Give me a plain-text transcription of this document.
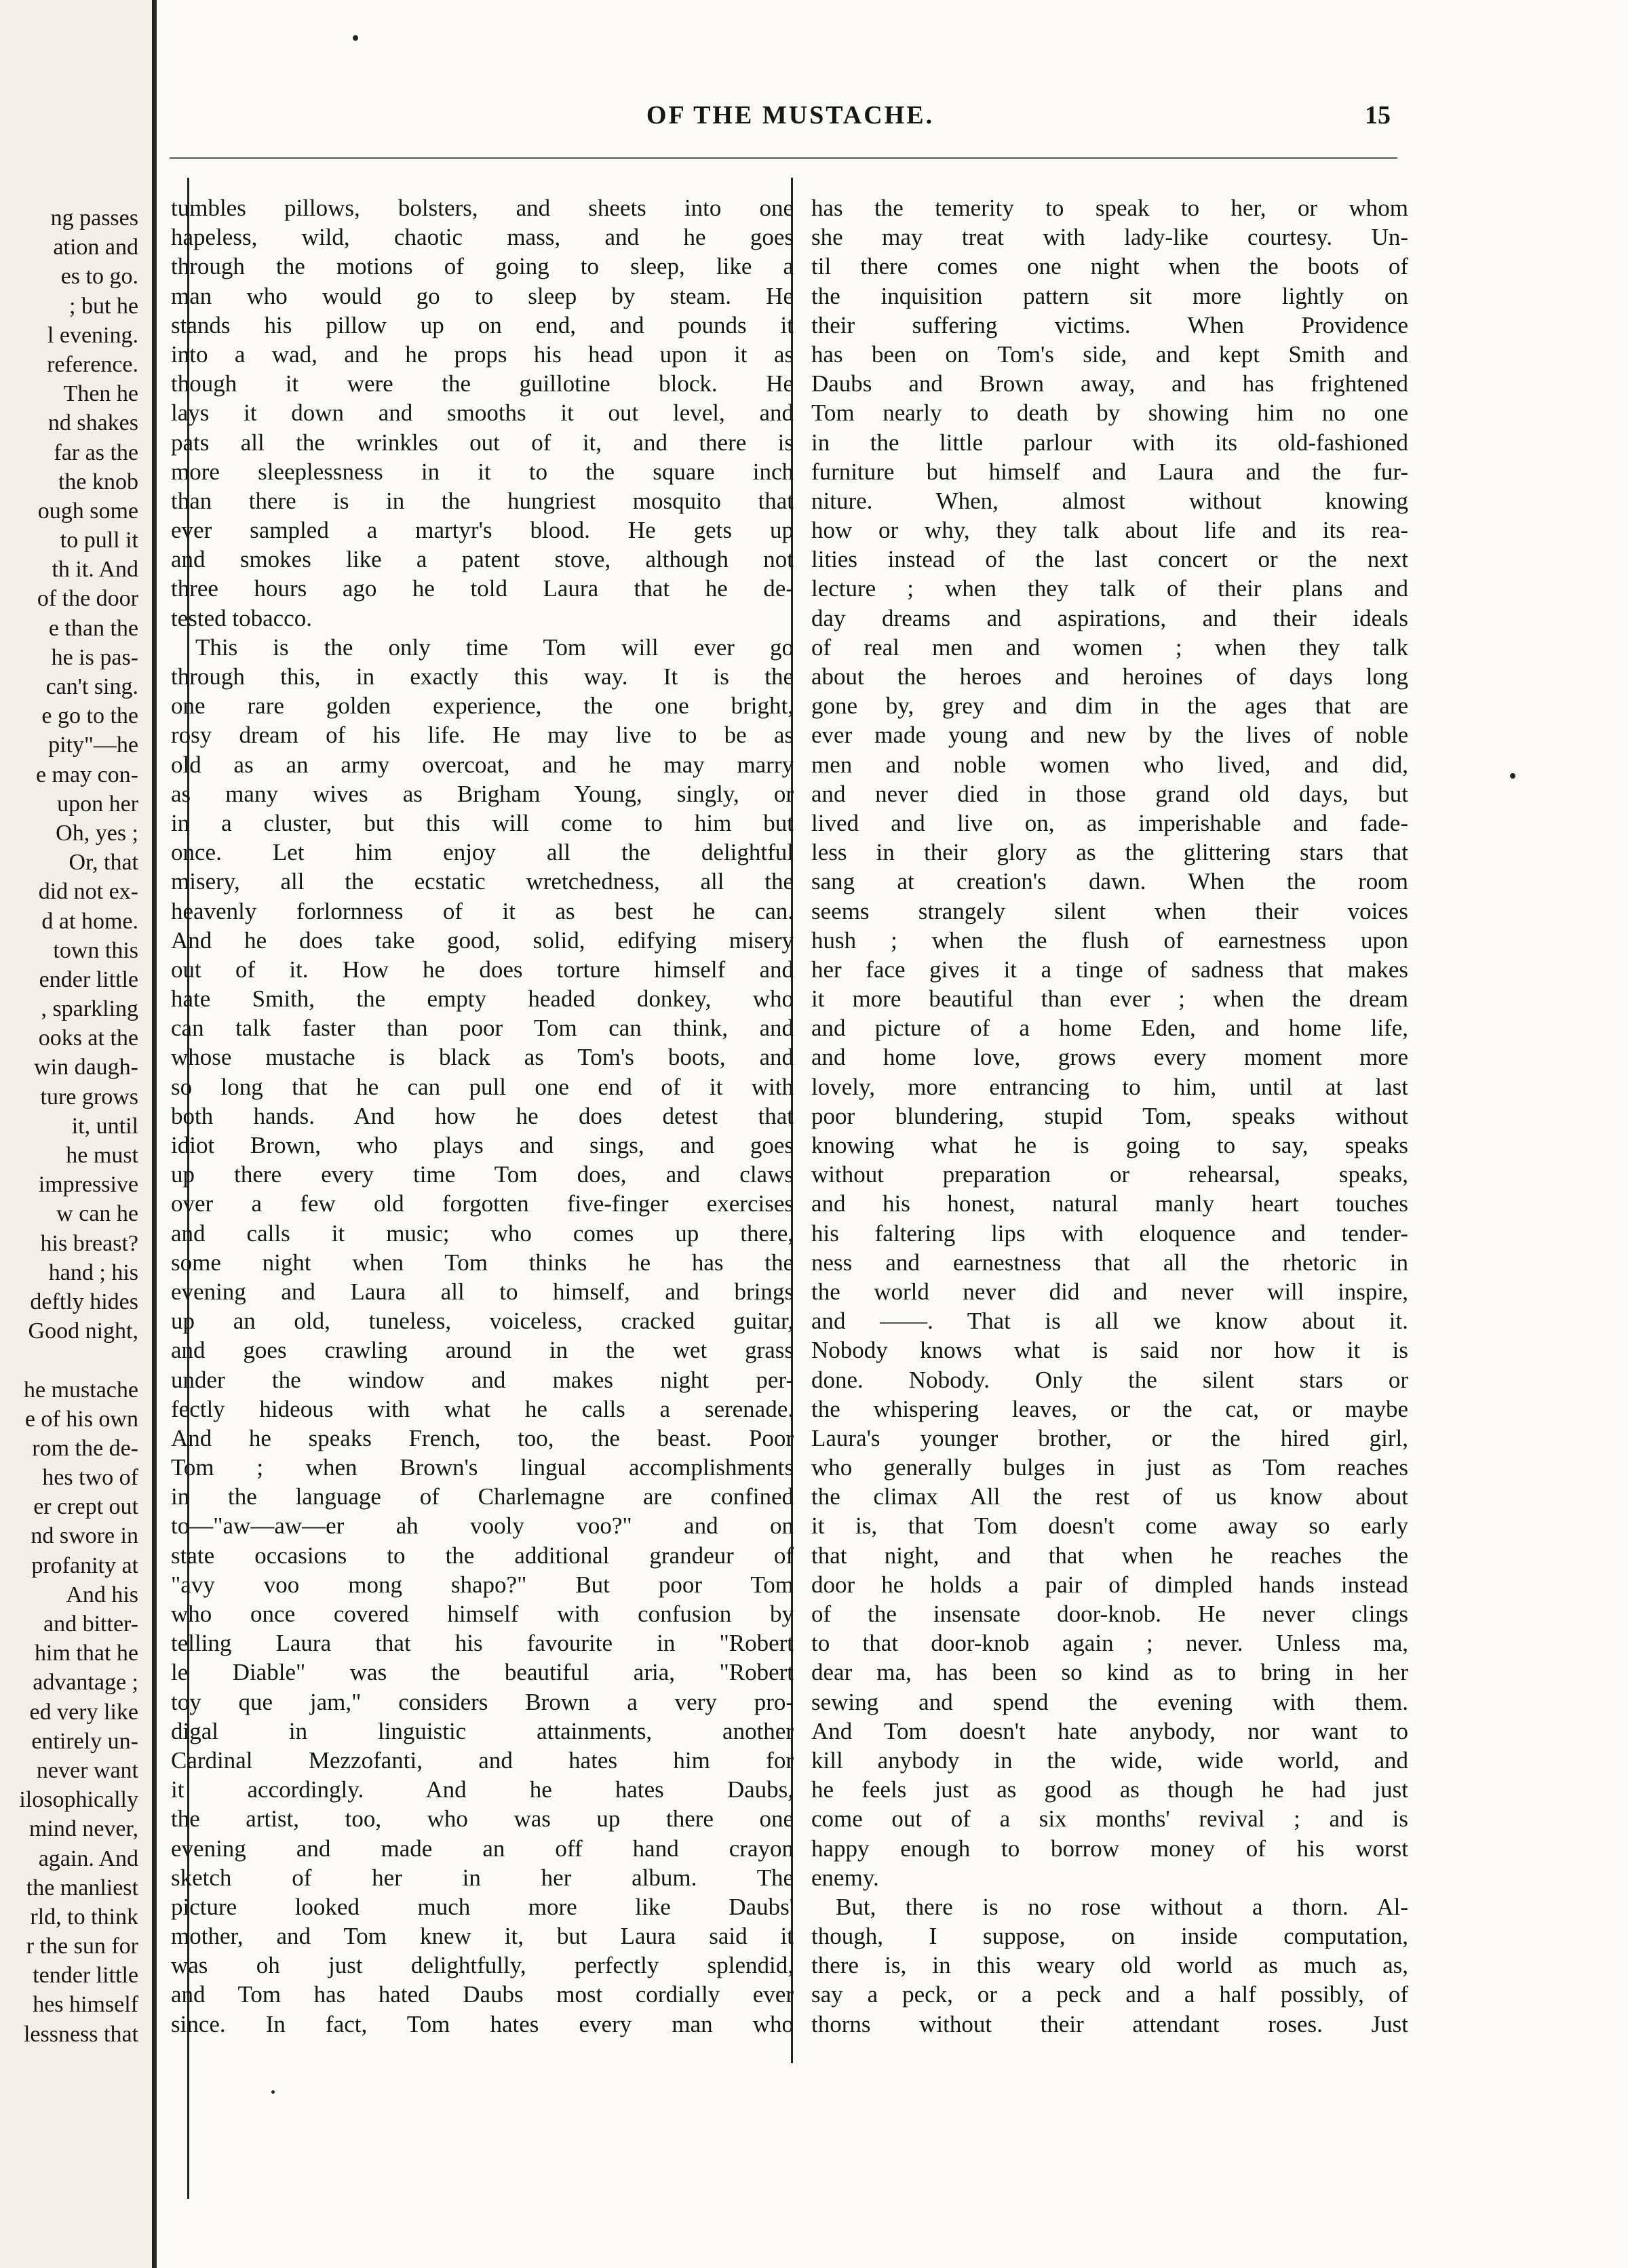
ng passes
ation and
es to go.
; but he
l evening.
reference.
Then he
nd shakes
far as the
the knob
ough some
to pull it
th it. And
of the door
e than the
he is pas-
can't sing.
e go to the
pity"—he
e may con-
upon her
Oh, yes ;
Or, that
did not ex-
d at home.
town this
ender little
, sparkling
ooks at the
win daugh-
ture grows
it, until
he must
impressive
w can he
his breast?
hand ; his
deftly hides
Good night,
he mustache
e of his own
rom the de-
hes two of
er crept out
nd swore in
profanity at
And his
and bitter-
him that he
advantage ;
ed very like
entirely un-
never want
ilosophically
mind never,
again. And
the manliest
rld, to think
r the sun for
tender little
hes himself
lessness that
OF THE MUSTACHE.	15
tumbles pillows, bolsters, and sheets into one
hapeless, wild, chaotic mass, and he goes
through the motions of going to sleep, like a
man who would go to sleep by steam. He
stands his pillow up on end, and pounds it
into a wad, and he props his head upon it as
though it were the guillotine block. He
lays it down and smooths it out level, and
pats all the wrinkles out of it, and there is
more sleeplessness in it to the square inch
than there is in the hungriest mosquito that
ever sampled a martyr's blood. He gets up
and smokes like a patent stove, although not
three hours ago he told Laura that he de-
tested tobacco.
This is the only time Tom will ever go
through this, in exactly this way. It is the
one rare golden experience, the one bright,
rosy dream of his life. He may live to be as
old as an army overcoat, and he may marry
as many wives as Brigham Young, singly, or
in a cluster, but this will come to him but
once. Let him enjoy all the delightful
misery, all the ecstatic wretchedness, all the
heavenly forlornness of it as best he can.
And he does take good, solid, edifying misery
out of it. How he does torture himself and
hate Smith, the empty headed donkey, who
can talk faster than poor Tom can think, and
whose mustache is black as Tom's boots, and
so long that he can pull one end of it with
both hands. And how he does detest that
idiot Brown, who plays and sings, and goes
up there every time Tom does, and claws
over a few old forgotten five-finger exercises
and calls it music; who comes up there,
some night when Tom thinks he has the
evening and Laura all to himself, and brings
up an old, tuneless, voiceless, cracked guitar,
and goes crawling around in the wet grass
under the window and makes night per-
fectly hideous with what he calls a serenade.
And he speaks French, too, the beast. Poor
Tom ; when Brown's lingual accomplishments
in the language of Charlemagne are confined
to—"aw—aw—er ah vooly voo?" and on
state occasions to the additional grandeur of
"avy voo mong shapo?" But poor Tom
who once covered himself with confusion by
telling Laura that his favourite in "Robert
le Diable" was the beautiful aria, "Robert
toy que jam," considers Brown a very pro-
digal in linguistic attainments, another
Cardinal Mezzofanti, and hates him for
it accordingly. And he hates Daubs,
the artist, too, who was up there one
evening and made an off hand crayon
sketch of her in her album. The
picture looked much more like Daubs'
mother, and Tom knew it, but Laura said it
was oh just delightfully, perfectly splendid,
and Tom has hated Daubs most cordially ever
since. In fact, Tom hates every man who
has the temerity to speak to her, or whom
she may treat with lady-like courtesy. Un-
til there comes one night when the boots of
the inquisition pattern sit more lightly on
their suffering victims. When Providence
has been on Tom's side, and kept Smith and
Daubs and Brown away, and has frightened
Tom nearly to death by showing him no one
in the little parlour with its old-fashioned
furniture but himself and Laura and the fur-
niture. When, almost without knowing
how or why, they talk about life and its rea-
lities instead of the last concert or the next
lecture ; when they talk of their plans and
day dreams and aspirations, and their ideals
of real men and women ; when they talk
about the heroes and heroines of days long
gone by, grey and dim in the ages that are
ever made young and new by the lives of noble
men and noble women who lived, and did,
and never died in those grand old days, but
lived and live on, as imperishable and fade-
less in their glory as the glittering stars that
sang at creation's dawn. When the room
seems strangely silent when their voices
hush ; when the flush of earnestness upon
her face gives it a tinge of sadness that makes
it more beautiful than ever ; when the dream
and picture of a home Eden, and home life,
and home love, grows every moment more
lovely, more entrancing to him, until at last
poor blundering, stupid Tom, speaks without
knowing what he is going to say, speaks
without preparation or rehearsal, speaks,
and his honest, natural manly heart touches
his faltering lips with eloquence and tender-
ness and earnestness that all the rhetoric in
the world never did and never will inspire,
and ——. That is all we know about it.
Nobody knows what is said nor how it is
done. Nobody. Only the silent stars or
the whispering leaves, or the cat, or maybe
Laura's younger brother, or the hired girl,
who generally bulges in just as Tom reaches
the climax All the rest of us know about
it is, that Tom doesn't come away so early
that night, and that when he reaches the
door he holds a pair of dimpled hands instead
of the insensate door-knob. He never clings
to that door-knob again ; never. Unless ma,
dear ma, has been so kind as to bring in her
sewing and spend the evening with them.
And Tom doesn't hate anybody, nor want to
kill anybody in the wide, wide world, and
he feels just as good as though he had just
come out of a six months' revival ; and is
happy enough to borrow money of his worst
enemy.
But, there is no rose without a thorn. Al-
though, I suppose, on inside computation,
there is, in this weary old world as much as,
say a peck, or a peck and a half possibly, of
thorns without their attendant roses. Just
